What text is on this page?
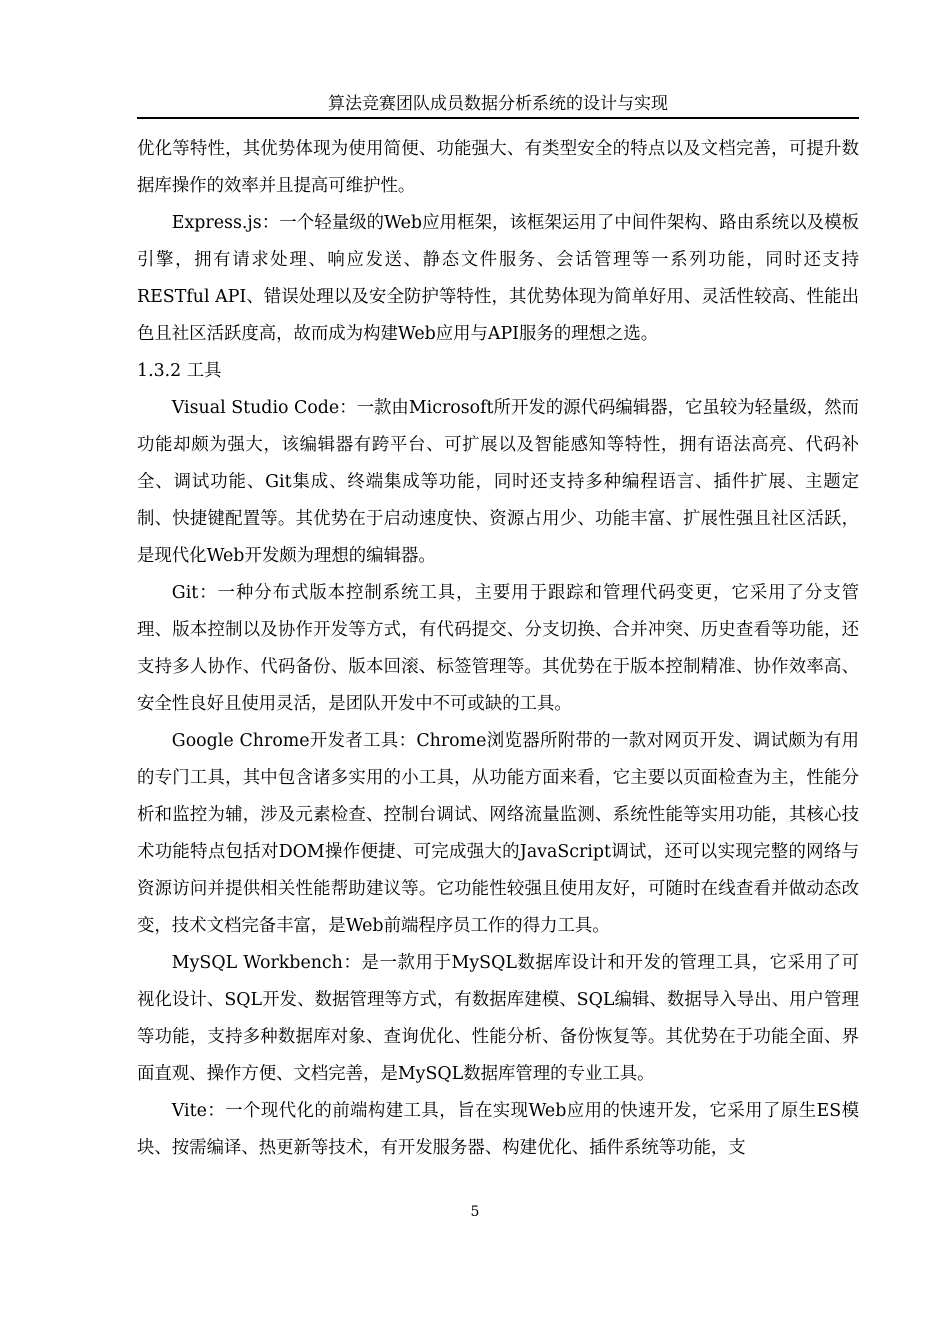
算法竞赛团队成员数据分析系统的设计与实现

优化等特性，其优势体现为使用简便、功能强大、有类型安全的特点以及文档完善，可提升数据库操作的效率并且提高可维护性。

Express.js：一个轻量级的Web应用框架，该框架运用了中间件架构、路由系统以及模板引擎，拥有请求处理、响应发送、静态文件服务、会话管理等一系列功能，同时还支持RESTful API、错误处理以及安全防护等特性，其优势体现为简单好用、灵活性较高、性能出色且社区活跃度高，故而成为构建Web应用与API服务的理想之选。

1.3.2 工具

Visual Studio Code：一款由Microsoft所开发的源代码编辑器，它虽较为轻量级，然而功能却颇为强大，该编辑器有跨平台、可扩展以及智能感知等特性，拥有语法高亮、代码补全、调试功能、Git集成、终端集成等功能，同时还支持多种编程语言、插件扩展、主题定制、快捷键配置等。其优势在于启动速度快、资源占用少、功能丰富、扩展性强且社区活跃，是现代化Web开发颇为理想的编辑器。

Git：一种分布式版本控制系统工具，主要用于跟踪和管理代码变更，它采用了分支管理、版本控制以及协作开发等方式，有代码提交、分支切换、合并冲突、历史查看等功能，还支持多人协作、代码备份、版本回滚、标签管理等。其优势在于版本控制精准、协作效率高、安全性良好且使用灵活，是团队开发中不可或缺的工具。

Google Chrome开发者工具：Chrome浏览器所附带的一款对网页开发、调试颇为有用的专门工具，其中包含诸多实用的小工具，从功能方面来看，它主要以页面检查为主，性能分析和监控为辅，涉及元素检查、控制台调试、网络流量监测、系统性能等实用功能，其核心技术功能特点包括对DOM操作便捷、可完成强大的JavaScript调试，还可以实现完整的网络与资源访问并提供相关性能帮助建议等。它功能性较强且使用友好，可随时在线查看并做动态改变，技术文档完备丰富，是Web前端程序员工作的得力工具。

MySQL Workbench：是一款用于MySQL数据库设计和开发的管理工具，它采用了可视化设计、SQL开发、数据管理等方式，有数据库建模、SQL编辑、数据导入导出、用户管理等功能，支持多种数据库对象、查询优化、性能分析、备份恢复等。其优势在于功能全面、界面直观、操作方便、文档完善，是MySQL数据库管理的专业工具。

Vite：一个现代化的前端构建工具，旨在实现Web应用的快速开发，它采用了原生ES模块、按需编译、热更新等技术，有开发服务器、构建优化、插件系统等功能，支

5
